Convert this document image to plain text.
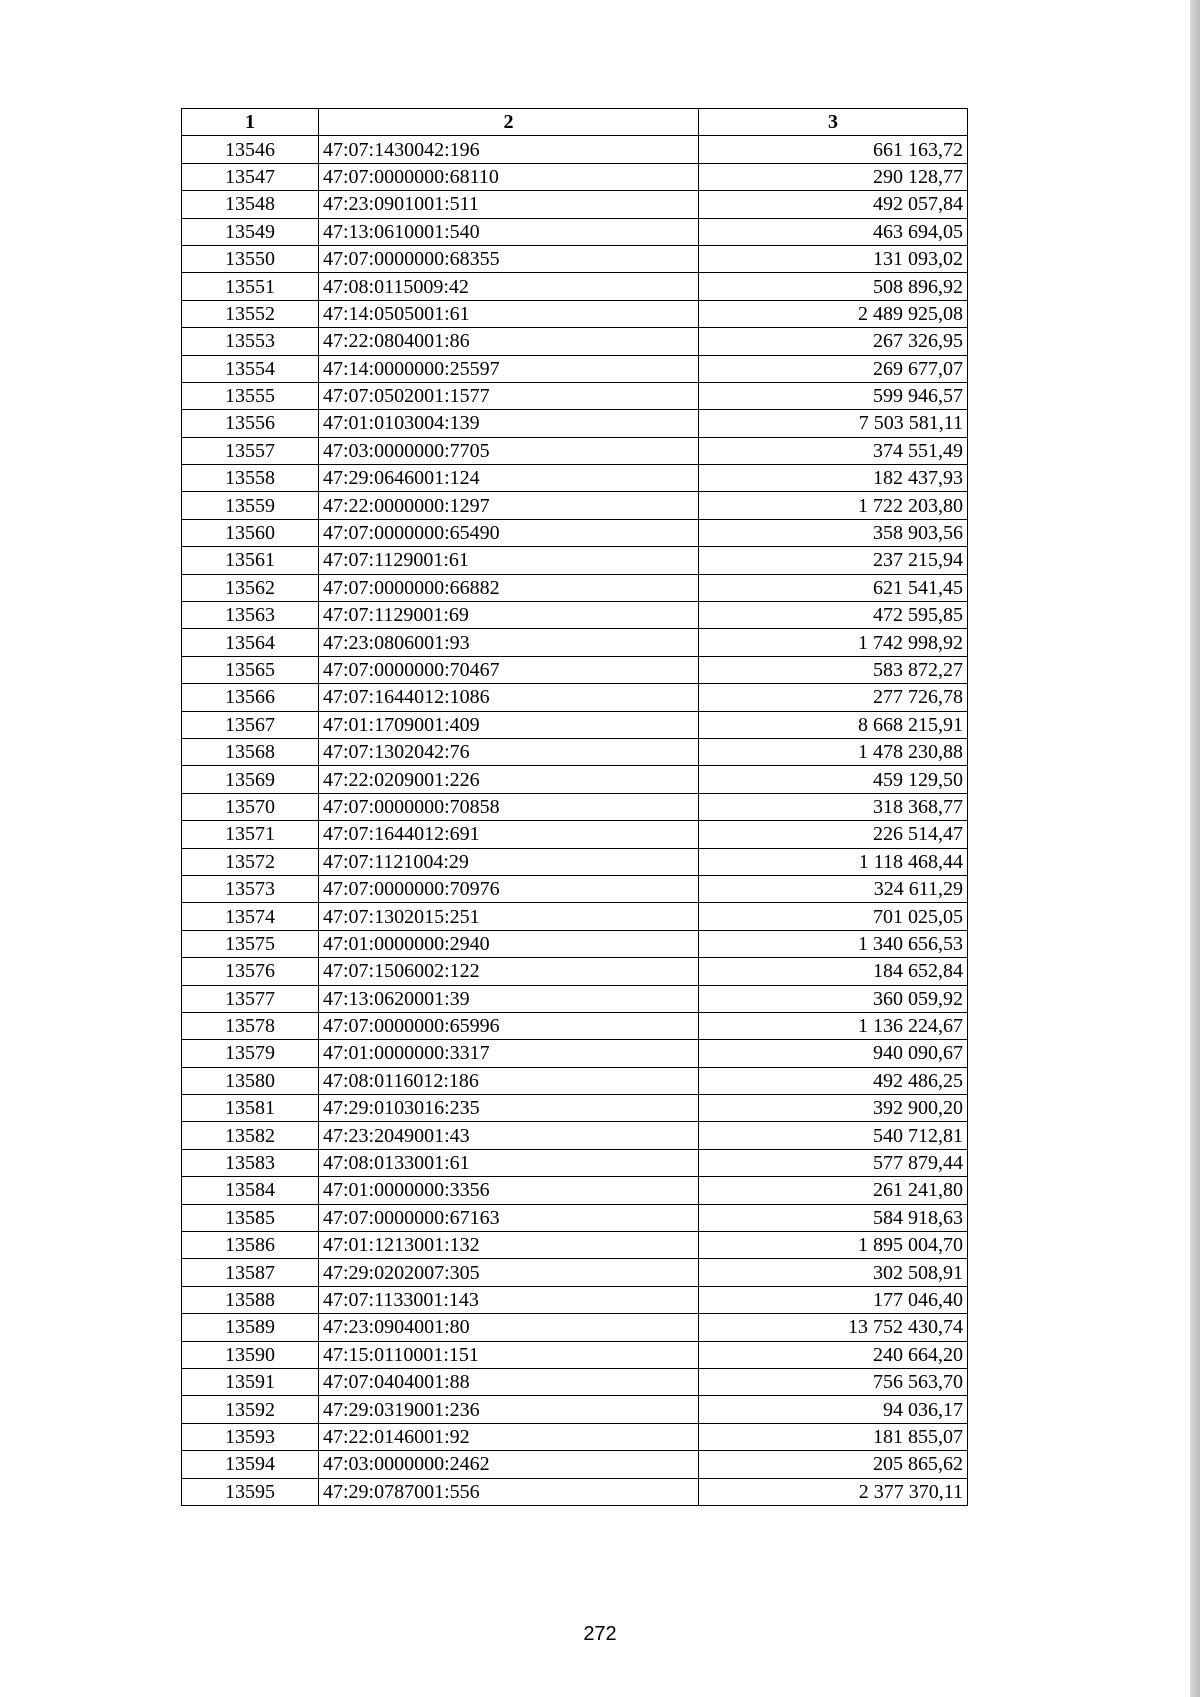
1	2	3
13546	47:07:1430042:196	661 163,72
13547	47:07:0000000:68110	290 128,77
13548	47:23:0901001:511	492 057,84
13549	47:13:0610001:540	463 694,05
13550	47:07:0000000:68355	131 093,02
13551	47:08:0115009:42	508 896,92
13552	47:14:0505001:61	2 489 925,08
13553	47:22:0804001:86	267 326,95
13554	47:14:0000000:25597	269 677,07
13555	47:07:0502001:1577	599 946,57
13556	47:01:0103004:139	7 503 581,11
13557	47:03:0000000:7705	374 551,49
13558	47:29:0646001:124	182 437,93
13559	47:22:0000000:1297	1 722 203,80
13560	47:07:0000000:65490	358 903,56
13561	47:07:1129001:61	237 215,94
13562	47:07:0000000:66882	621 541,45
13563	47:07:1129001:69	472 595,85
13564	47:23:0806001:93	1 742 998,92
13565	47:07:0000000:70467	583 872,27
13566	47:07:1644012:1086	277 726,78
13567	47:01:1709001:409	8 668 215,91
13568	47:07:1302042:76	1 478 230,88
13569	47:22:0209001:226	459 129,50
13570	47:07:0000000:70858	318 368,77
13571	47:07:1644012:691	226 514,47
13572	47:07:1121004:29	1 118 468,44
13573	47:07:0000000:70976	324 611,29
13574	47:07:1302015:251	701 025,05
13575	47:01:0000000:2940	1 340 656,53
13576	47:07:1506002:122	184 652,84
13577	47:13:0620001:39	360 059,92
13578	47:07:0000000:65996	1 136 224,67
13579	47:01:0000000:3317	940 090,67
13580	47:08:0116012:186	492 486,25
13581	47:29:0103016:235	392 900,20
13582	47:23:2049001:43	540 712,81
13583	47:08:0133001:61	577 879,44
13584	47:01:0000000:3356	261 241,80
13585	47:07:0000000:67163	584 918,63
13586	47:01:1213001:132	1 895 004,70
13587	47:29:0202007:305	302 508,91
13588	47:07:1133001:143	177 046,40
13589	47:23:0904001:80	13 752 430,74
13590	47:15:0110001:151	240 664,20
13591	47:07:0404001:88	756 563,70
13592	47:29:0319001:236	94 036,17
13593	47:22:0146001:92	181 855,07
13594	47:03:0000000:2462	205 865,62
13595	47:29:0787001:556	2 377 370,11
272
